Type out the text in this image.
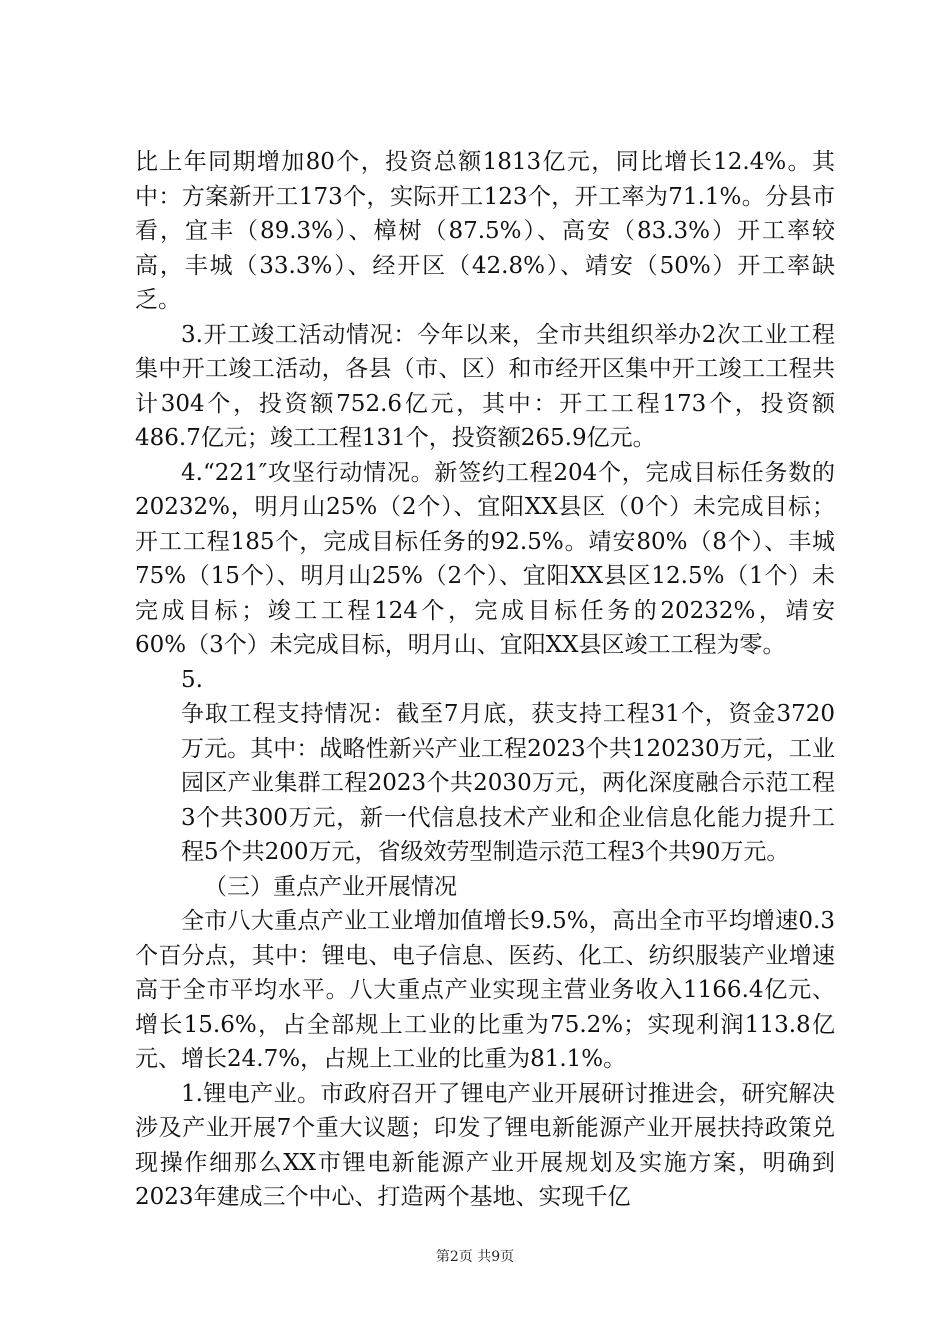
比上年同期增加80个，投资总额1813亿元，同比增长12.4%。其中：方案新开工173个，实际开工123个，开工率为71.1%。分县市看，宜丰（89.3%）、樟树（87.5%）、高安（83.3%）开工率较高，丰城（33.3%）、经开区（42.8%）、靖安（50%）开工率缺乏。

3.开工竣工活动情况：今年以来，全市共组织举办2次工业工程集中开工竣工活动，各县（市、区）和市经开区集中开工竣工工程共计304个，投资额752.6亿元，其中：开工工程173个，投资额486.7亿元；竣工工程131个，投资额265.9亿元。

4.“221″攻坚行动情况。新签约工程204个，完成目标任务数的20232%，明月山25%（2个）、宜阳XX县区（0个）未完成目标；开工工程185个，完成目标任务的92.5%。靖安80%（8个）、丰城75%（15个）、明月山25%（2个）、宜阳XX县区12.5%（1个）未完成目标；竣工工程124个，完成目标任务的20232%，靖安60%（3个）未完成目标，明月山、宜阳XX县区竣工工程为零。

5.

争取工程支持情况：截至7月底，获支持工程31个，资金3720万元。其中：战略性新兴产业工程2023个共120230万元，工业园区产业集群工程2023个共2030万元，两化深度融合示范工程3个共300万元，新一代信息技术产业和企业信息化能力提升工程5个共200万元，省级效劳型制造示范工程3个共90万元。

（三）重点产业开展情况

全市八大重点产业工业增加值增长9.5%，高出全市平均增速0.3个百分点，其中：锂电、电子信息、医药、化工、纺织服装产业增速高于全市平均水平。八大重点产业实现主营业务收入1166.4亿元、增长15.6%，占全部规上工业的比重为75.2%；实现利润113.8亿元、增长24.7%，占规上工业的比重为81.1%。

1.锂电产业。市政府召开了锂电产业开展研讨推进会，研究解决涉及产业开展7个重大议题；印发了锂电新能源产业开展扶持政策兑现操作细那么XX市锂电新能源产业开展规划及实施方案，明确到2023年建成三个中心、打造两个基地、实现千亿

第2页 共9页
